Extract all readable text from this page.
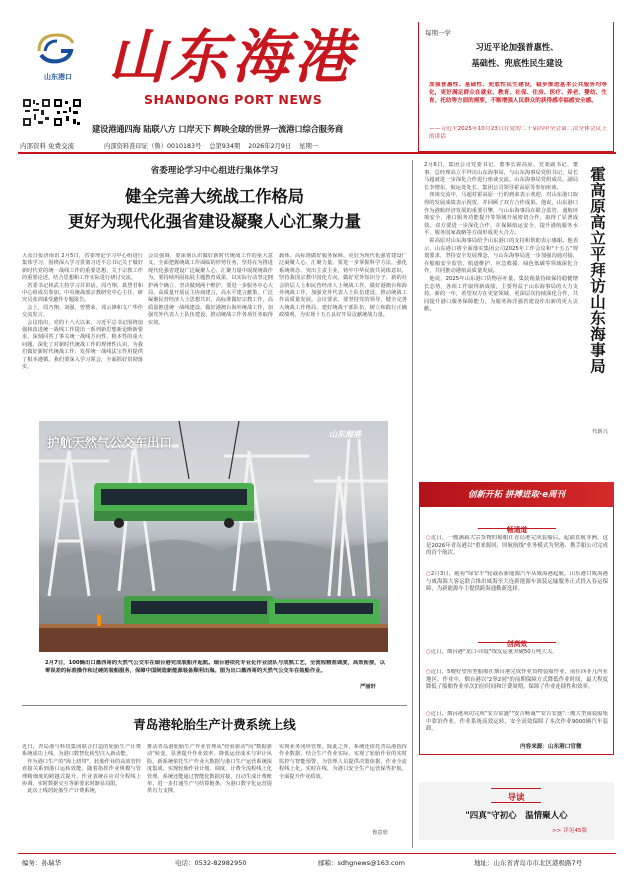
山东港口 山东海港
SHANDONG PORT NEWS
内部资料 免费交流
建设港通四海 陆联八方 口岸天下 辉映全球的世界一流港口综合服务商
内部资料准印证（鲁）0010183号    总第934期    2026年2月9日    星期一
每期一学
习近平论加强普惠性、
基础性、兜底性民生建设
加强普惠性、基础性、兜底性民生建设，稳步推进基本公共服务均等化，更好满足群众在就业、教育、社保、住房、医疗、养老、婴幼、生育、托幼等方面的需要，不断增强人民群众的获得感幸福感安全感。
——习近平2025年10月23日在党的二十届四中全会第二次全体会议上的讲话
省委理论学习中心组进行集体学习
健全完善大统战工作格局
更好为现代化强省建设凝聚人心汇聚力量
大众日报济南讯 2月5日，省委理论学习中心组进行集体学习，围绕深入学习贯彻习近平总书记关于做好新时代党的统一战线工作的重要思想，关于宗教工作的重要论述，结合思想和工作实际进行研讨交流。
　省委书记林武主持学习并讲话。周乃翔、葛慧君和中心组成员参加。中央统战部宗教研究中心主任、研究员张训谋受邀作专题报告。
　会上，周乃翔、刘强、曾赞荣、邓云锋和文广华作交流发言。
　会议指出，党的十八大以来，习近平总书记围绕加强和改进统一战线工作提出一系列新思想新论断新要求，深刻回答了事关统一战线方向性、根本性的重大问题，深化了对新时代统战工作的规律性认识，为我们做好新时代统战工作、发挥统一战线法宝作用提供了根本遵循。我们要深入学习领会，全面抓好贯彻落实。
会议强调，要深刻认识做好新时代统战工作的重大意义，全面把握统战工作面临的形势任务，坚持在为推进现代化强省建设广泛凝聚人心、汇聚力量中展现统战作为。要持续巩固拓展主题教育成果，以实际行动坚定拥护两个确立、坚决做到两个维护。要进一步服务中心大局，高质量开展民主协商建言，高水平建言献策，广泛凝聚民营经济人士思想共识，高标准做好宗教工作，高质量推进统一战线建设，做好港澳台海外统战工作，加强党外代表人士队伍建设，推动统战工作各项任务取得实效。
载体、高标准做好服务保障，更好为现代化强省建设广泛凝聚人心、汇聚力量。要进一步掌握科学方法，强化系统观念、突出主责主业，铸牢中华民族共同体意识，坚持我国宗教中国化方向，做好党外知识分子、新的社会阶层人士和民营经济人士统战工作，做好港澳台和海外统战工作，加强党外代表人士队伍建设，推动统战工作高质量发展。会议要求，要坚持党的领导，健全完善大统战工作格局，建好统战干部队伍，树立和践行正确政绩观，为实现十五五良好开局贡献统战力量。
护航天然气公交车出口
山东海港
2月7日，100辆出口墨西哥的天然气公交车在烟台港完成装船并起航。烟台港依托专业化作业团队与成熟工艺，全流程精准调度，高效衔接，以零误差的标准操作和过硬的装船服务，保障中国制造新能源装备顺利出海。图为出口墨西哥的天然气公交车在装船作业。
严丽轩
青岛港轮胎生产计费系统上线
近日，青岛港与科技集团联合打造的轮胎生产计费系统成功上线，为港口数智化转型注入新动能。
　作为港口生产的"海上纽带"，轮胎作业的高效管控直接关系到港口运转效能。随着指挥作业规模与管理精细度的跨越式提升，作业表统在应对全程线上协调、实时数据交互等新要求时渐显局限。
　此次上线的轮胎生产计费系统，
推动青岛港轮胎生产作业管理从"经验驱动"向"数据驱动"转变，显著提升作业效率，降低运营成本与审计风险。新系统依托生产作业大数据与港口生产运营系统深度集成，实现轮胎作业计划、调度、计费全流程线上化管理。系统还能通过智能化数据对接，自动生成计费账单，进一步打通生产与结算链条，为港口数字化运营提供有力支撑。
实现业务闭环管理。除此之外，系统还依托青岛港指挥作业数据，结合生产作业实际，实现了轮胎作业的实时监控与智能预警，为管理人员提供决策依据。作业全流程线上化，实时在线，为港口安全生产运营保驾护航，全面提升作业质效。
鲁意欣
2月6日，集团公司党委书记、董事长霍高原，党委副书记、董事、总经理高立平拜访山东海事局，与山东海事局党组书记、局长马超就进一步深化合作进行座谈交流。山东海事局党组成员、副局长李增东，航运处处长、集团公司领导霍高原等参加座谈。
　座谈交流中，马超对霍高原一行的到来表示欢迎，对山东港口取得的发展成绩表示祝贺，并回顾了双方合作成果。他说，山东港口作为港航经济发展的重要引擎，与山东海事局在联合监管、通航环境安全、港口服务功能提升等领域开展密切合作，取得了显著成效。双方要进一步深化合作，在保障航运安全、提升港航服务水平、服务国家战略等方面形成更大合力。
　霍高原对山东海事局给予山东港口的支持和帮助表示感谢。他表示，山东港口将全面落实集团公司2025年工作会议和"十五五"规划要求，坚持安全发展理念，与山东海事局进一步加强沟通对接，在船舶安全监管、航道维护、应急救援、绿色低碳等领域深化合作，共同推动港航高质量发展。
　他说，2025年山东港口货物吞吐量、集装箱量持续保持稳健增长态势，各项工作取得新成绩，主要得益于山东海事局的大力支持。新的一年，希望双方在更宽领域、更深层次持续深化合作，共同提升港口服务保障能力，为服务海洋强省建设作出新的更大贡献。	霍高原高立平拜访山东海事局
代新兴
创新开拓 拼搏进取·e周刊
畅通道
○近日，一艘满载大宗货物的船舶在青岛港完成装船后，起锚直航非洲。这是2026年青岛港以"重来源回，回航航线"业务模式为契港、携手船公司完成的首个航次。
○2月3日，随着"绿安平"轮载着新能源汽车从威海港起航，山东港口威海港与威海海大客运联合推出威海至大连新能源车滚装运输服务正式投入春运保障，为新能源车主提供跨海通勤新选择。
创高效
○近日，烟台港"龙口-印度"线发运量突破50万吨大关。
○近日，5艘好望角型船舶在烟台港完成作业货物装船作业，前往西非几内亚地区。作业中，烟台港以"2拳2同"的前期保障方式降低作业时间，最大程度降低了船舶作业单次泊位时间和计费周期，保障了作业连续性和效率。
○近日，烟台港成功完成"安吉常盛""安吉畅诚""安吉安盛"三艘大型滚装船集中靠泊作业，作业系统高效运转，安全高效保障了本次作业9000辆汽车装卸。
内容来源：山东港口官微
导读
"四真"守初心　温情聚人心
>> 详见45版
编务：孙瑞华	电话：0532-82982950	邮箱：sdhgnews@163.com	地址：山东省青岛市市北区港极路7号
